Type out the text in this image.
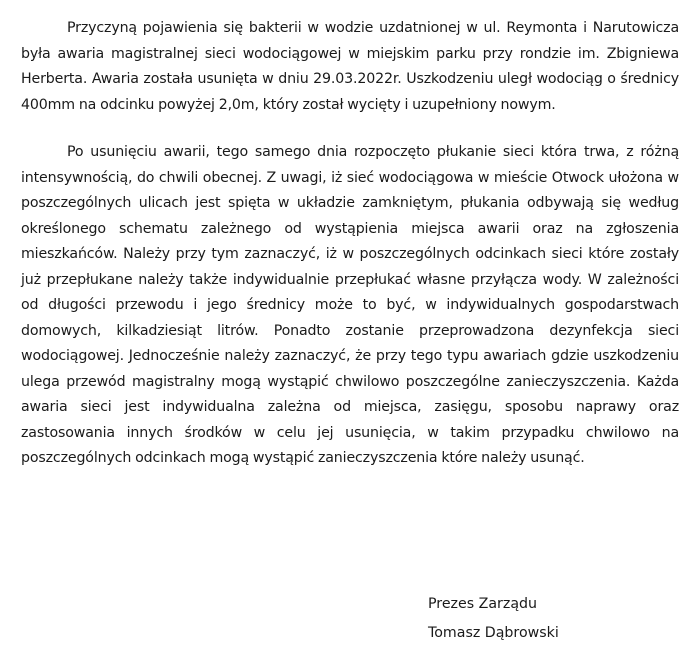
Przyczyną pojawienia się bakterii w wodzie uzdatnionej w ul. Reymonta i Narutowicza była awaria magistralnej sieci wodociągowej w miejskim parku przy rondzie im. Zbigniewa Herberta. Awaria została usunięta w dniu 29.03.2022r. Uszkodzeniu uległ wodociąg o średnicy 400mm na odcinku powyżej 2,0m, który został wycięty i uzupełniony nowym.

Po usunięciu awarii, tego samego dnia rozpoczęto płukanie sieci która trwa, z różną intensywnością, do chwili obecnej. Z uwagi, iż sieć wodociągowa w mieście Otwock ułożona w poszczególnych ulicach jest spięta w układzie zamkniętym, płukania odbywają się według określonego schematu zależnego od wystąpienia miejsca awarii oraz na zgłoszenia mieszkańców. Należy przy tym zaznaczyć, iż w poszczególnych odcinkach sieci które zostały już przepłukane należy także indywidualnie przepłukać własne przyłącza wody. W zależności od długości przewodu i jego średnicy może to być, w indywidualnych gospodarstwach domowych, kilkadziesiąt litrów. Ponadto zostanie przeprowadzona dezynfekcja sieci wodociągowej. Jednocześnie należy zaznaczyć, że przy tego typu awariach gdzie uszkodzeniu ulega przewód magistralny mogą wystąpić chwilowo poszczególne zanieczyszczenia. Każda awaria sieci jest indywidualna zależna od miejsca, zasięgu, sposobu naprawy oraz zastosowania innych środków w celu jej usunięcia, w takim przypadku chwilowo na poszczególnych odcinkach mogą wystąpić zanieczyszczenia które należy usunąć.

Prezes Zarządu
Tomasz Dąbrowski
